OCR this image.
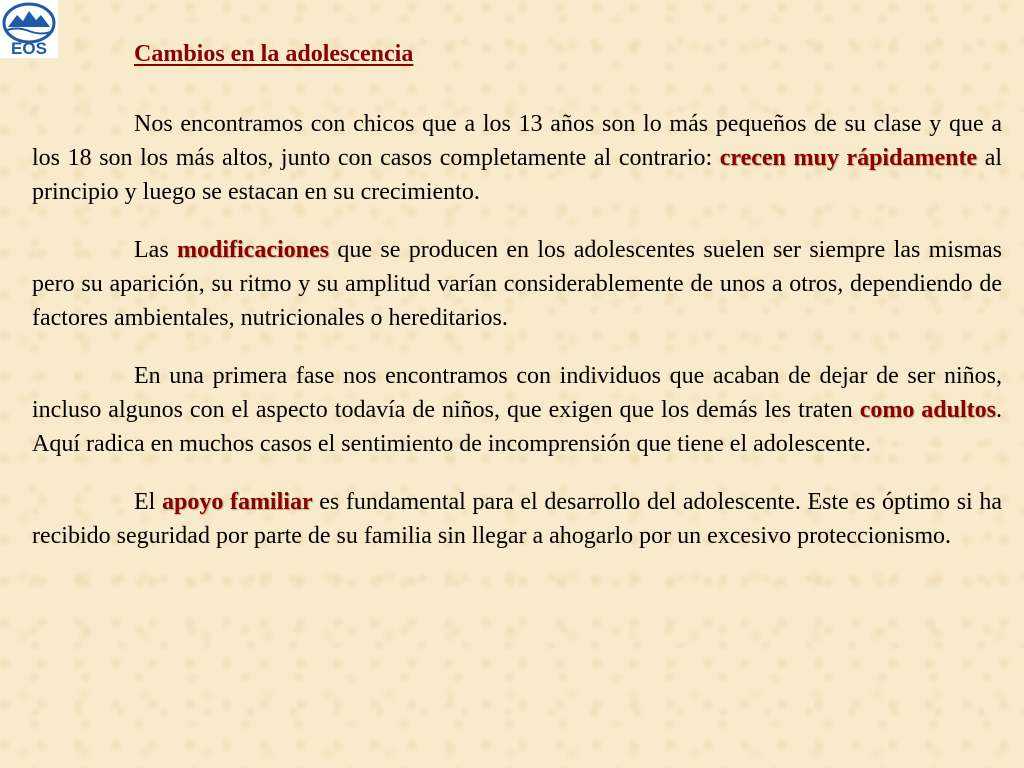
EOS	Cambios en la adolescencia

Nos encontramos con chicos que a los 13 años son lo más pequeños de su clase y que a los 18 son los más altos, junto con casos completamente al contrario: crecen muy rápidamente al principio y luego se estacan en su crecimiento.

Las modificaciones que se producen en los adolescentes suelen ser siempre las mismas pero su aparición, su ritmo y su amplitud varían considerablemente de unos a otros, dependiendo de factores ambientales, nutricionales o hereditarios.

En una primera fase nos encontramos con individuos que acaban de dejar de ser niños, incluso algunos con el aspecto todavía de niños, que exigen que los demás les traten como adultos. Aquí radica en muchos casos el sentimiento de incomprensión que tiene el adolescente.

El apoyo familiar es fundamental para el desarrollo del adolescente. Este es óptimo si ha recibido seguridad por parte de su familia sin llegar a ahogarlo por un excesivo proteccionismo.
